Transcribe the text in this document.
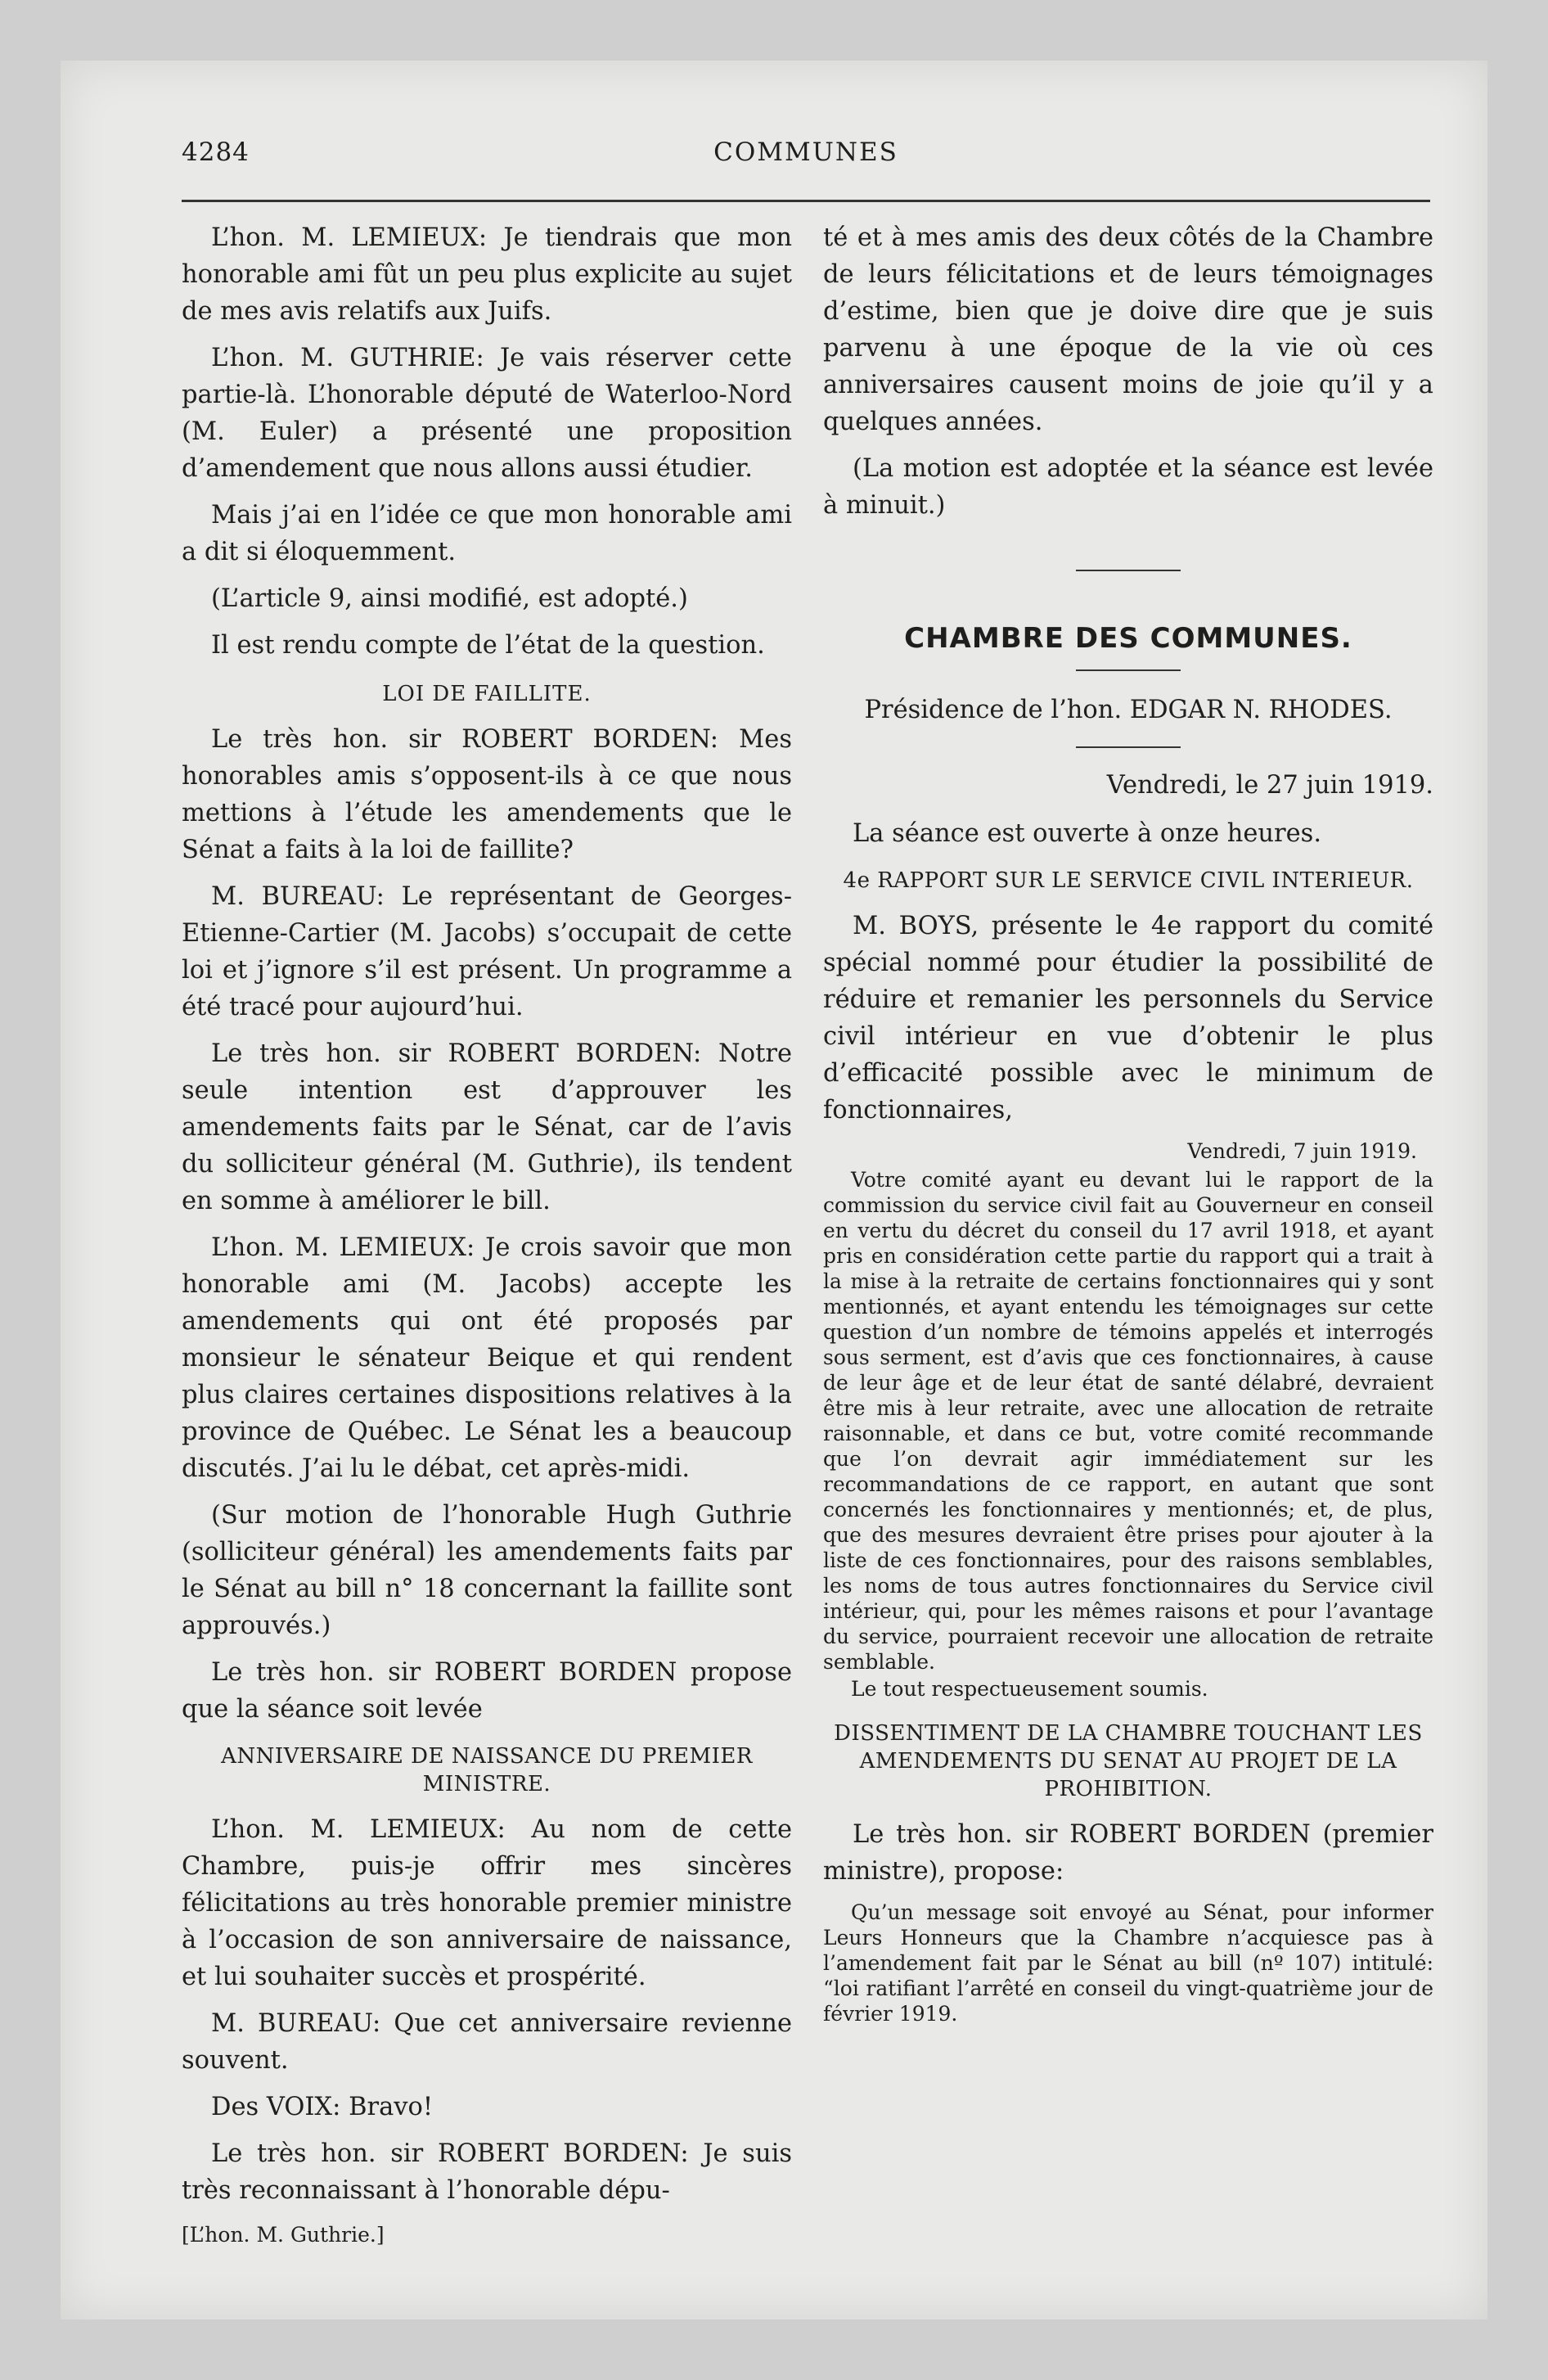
4284	COMMUNES

L’hon. M. LEMIEUX: Je tiendrais que mon honorable ami fût un peu plus explicite au sujet de mes avis relatifs aux Juifs.

L’hon. M. GUTHRIE: Je vais réserver cette partie-là. L’honorable député de Waterloo-Nord (M. Euler) a présenté une proposition d’amendement que nous allons aussi étudier.

Mais j’ai en l’idée ce que mon honorable ami a dit si éloquemment.

(L’article 9, ainsi modifié, est adopté.)

Il est rendu compte de l’état de la question.

LOI DE FAILLITE.

Le très hon. sir ROBERT BORDEN: Mes honorables amis s’opposent-ils à ce que nous mettions à l’étude les amendements que le Sénat a faits à la loi de faillite?

M. BUREAU: Le représentant de Georges-Etienne-Cartier (M. Jacobs) s’occupait de cette loi et j’ignore s’il est présent. Un programme a été tracé pour aujourd’hui.

Le très hon. sir ROBERT BORDEN: Notre seule intention est d’approuver les amendements faits par le Sénat, car de l’avis du solliciteur général (M. Guthrie), ils tendent en somme à améliorer le bill.

L’hon. M. LEMIEUX: Je crois savoir que mon honorable ami (M. Jacobs) accepte les amendements qui ont été proposés par monsieur le sénateur Beique et qui rendent plus claires certaines dispositions relatives à la province de Québec. Le Sénat les a beaucoup discutés. J’ai lu le débat, cet après-midi.

(Sur motion de l’honorable Hugh Guthrie (solliciteur général) les amendements faits par le Sénat au bill n° 18 concernant la faillite sont approuvés.)

Le très hon. sir ROBERT BORDEN propose que la séance soit levée

ANNIVERSAIRE DE NAISSANCE DU PREMIER MINISTRE.

L’hon. M. LEMIEUX: Au nom de cette Chambre, puis-je offrir mes sincères félicitations au très honorable premier ministre à l’occasion de son anniversaire de naissance, et lui souhaiter succès et prospérité.

M. BUREAU: Que cet anniversaire revienne souvent.

Des VOIX: Bravo!

Le très hon. sir ROBERT BORDEN: Je suis très reconnaissant à l’honorable dépu-

[L’hon. M. Guthrie.]

té et à mes amis des deux côtés de la Chambre de leurs félicitations et de leurs témoignages d’estime, bien que je doive dire que je suis parvenu à une époque de la vie où ces anniversaires causent moins de joie qu’il y a quelques années.

(La motion est adoptée et la séance est levée à minuit.)

CHAMBRE DES COMMUNES.
Présidence de l’hon. EDGAR N. RHODES.
Vendredi, le 27 juin 1919.

La séance est ouverte à onze heures.

4e RAPPORT SUR LE SERVICE CIVIL INTERIEUR.

M. BOYS, présente le 4e rapport du comité spécial nommé pour étudier la possibilité de réduire et remanier les personnels du Service civil intérieur en vue d’obtenir le plus d’efficacité possible avec le minimum de fonctionnaires,

Vendredi, 7 juin 1919.

Votre comité ayant eu devant lui le rapport de la commission du service civil fait au Gouverneur en conseil en vertu du décret du conseil du 17 avril 1918, et ayant pris en considération cette partie du rapport qui a trait à la mise à la retraite de certains fonctionnaires qui y sont mentionnés, et ayant entendu les témoignages sur cette question d’un nombre de témoins appelés et interrogés sous serment, est d’avis que ces fonctionnaires, à cause de leur âge et de leur état de santé délabré, devraient être mis à leur retraite, avec une allocation de retraite raisonnable, et dans ce but, votre comité recommande que l’on devrait agir immédiatement sur les recommandations de ce rapport, en autant que sont concernés les fonctionnaires y mentionnés; et, de plus, que des mesures devraient être prises pour ajouter à la liste de ces fonctionnaires, pour des raisons semblables, les noms de tous autres fonctionnaires du Service civil intérieur, qui, pour les mêmes raisons et pour l’avantage du service, pourraient recevoir une allocation de retraite semblable.

Le tout respectueusement soumis.
DISSENTIMENT DE LA CHAMBRE TOUCHANT LES AMENDEMENTS DU SENAT AU PROJET DE LA PROHIBITION.

Le très hon. sir ROBERT BORDEN (premier ministre), propose:

Qu’un message soit envoyé au Sénat, pour informer Leurs Honneurs que la Chambre n’acquiesce pas à l’amendement fait par le Sénat au bill (nº 107) intitulé: “loi ratifiant l’arrêté en conseil du vingt-quatrième jour de février 1919.
